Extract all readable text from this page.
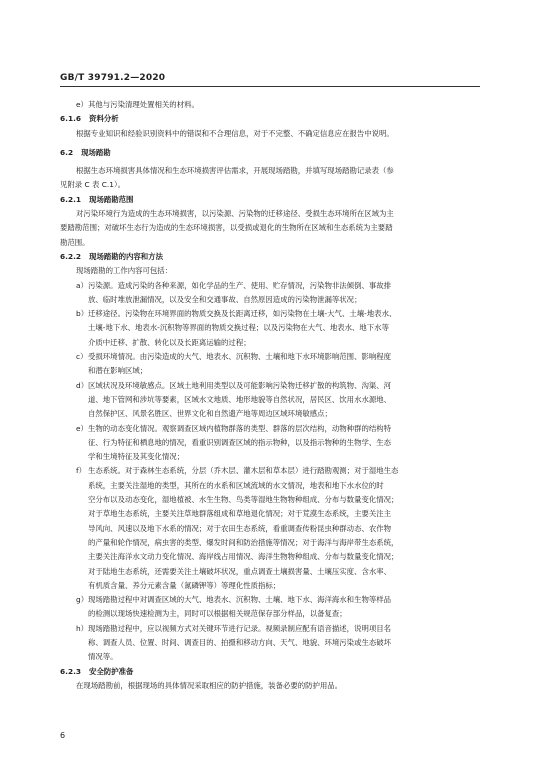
GB/T 39791.2—2020
e） 其他与污染清理处置相关的材料。
6.1.6 资料分析
根据专业知识和经验识别资料中的错误和不合理信息，对于不完整、不确定信息应在报告中说明。
6.2 现场踏勘
根据生态环境损害具体情况和生态环境损害评估需求，开展现场踏勘，并填写现场踏勘记录表（参
见附录 C 表 C.1）。
6.2.1 现场踏勘范围
对污染环境行为造成的生态环境损害，以污染源、污染物的迁移途径、受损生态环境所在区域为主
要踏勘范围；对破坏生态行为造成的生态环境损害，以受损或退化的生物所在区域和生态系统为主要踏
勘范围。
6.2.2 现场踏勘的内容和方法
现场踏勘的工作内容可包括：
a） 污染源。造成污染的各种来源，如化学品的生产、使用、贮存情况，污染物非法倾倒、事故排
放、临时堆放泄漏情况，以及安全和交通事故、自然原因造成的污染物泄漏等状况；
b） 迁移途径。污染物在环境界面的物质交换及长距离迁移，如污染物在土壤-大气、土壤-地表水、
土壤-地下水、地表水-沉积物等界面的物质交换过程；以及污染物在大气、地表水、地下水等
介质中迁移、扩散、转化以及长距离运输的过程；
c） 受损环境情况。由污染造成的大气、地表水、沉积物、土壤和地下水环境影响范围、影响程度
和潜在影响区域；
d） 区域状况及环境敏感点。区域土地利用类型以及可能影响污染物迁移扩散的构筑物、沟渠、河
道、地下管网和涉坑等要素，区域水文地质、地形地貌等自然状况，居民区、饮用水水源地、
自然保护区、风景名胜区、世界文化和自然遗产地等周边区域环境敏感点；
e） 生物的动态变化情况。观察调查区域内植物群落的类型、群落的层次结构，动物种群的结构特
征、行为特征和栖息地的情况，看重识别调查区域的指示物种，以及指示物种的生物学、生态
学和生境特征及其变化情况；
f） 生态系统。对于森林生态系统，分层（乔木层、灌木层和草本层）进行踏勘观测；对于湿地生态
系统，主要关注湿地的类型，其所在的水系和区域流域的水文情况，地表和地下水水位的时
空分布以及动态变化，湿地植被、水生生物、鸟类等湿地生物物种组成、分布与数量变化情况；
对于草地生态系统，主要关注草地群落组成和草地退化情况；对于荒漠生态系统，主要关注主
导风向、风速以及地下水系的情况；对于农田生态系统，看重调查传粉昆虫种群动态、农作物
的产量和轮作情况，病虫害的类型、爆发时间和防治措施等情况；对于海洋与海岸带生态系统，
主要关注海洋水文动力变化情况、海岸线占用情况、海洋生物物种组成、分布与数量变化情况；
对于陆地生态系统，还需要关注土壤破坏状况，重点调查土壤损害量、土壤压实度、含水率、
有机质含量、养分元素含量（氮磷钾等）等理化性质指标；
g） 现场踏勘过程中对调查区域的大气、地表水、沉积物、土壤、地下水、海洋海水和生物等样品
的检测以现场快速检测为主，同时可以根据相关规范保存部分样品，以备复查；
h） 现场踏勘过程中，应以视频方式对关键环节进行记录。视频录制应配有语音描述，说明项目名
称、调查人员、位置、时间、调查目的、拍摄和移动方向、天气、地貌、环境污染或生态破坏
情况等。
6.2.3 安全防护准备
在现场踏勘前，根据现场的具体情况采取相应的防护措施，装备必要的防护用品。
6
